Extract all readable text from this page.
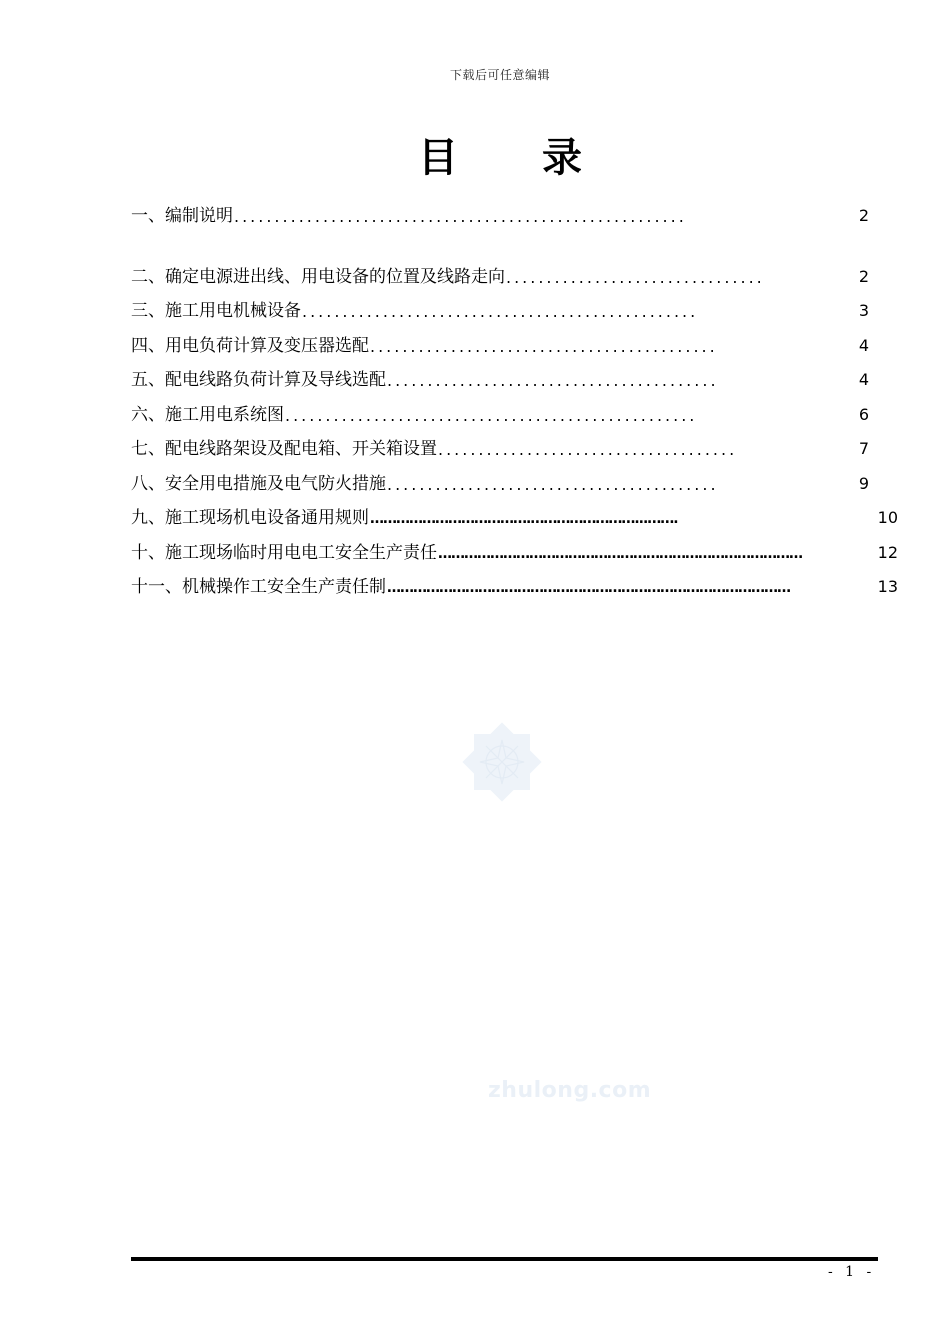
下载后可任意编辑
目录
一、编制说明 ........................................................	2
二、确定电源进出线、用电设备的位置及线路走向 ................................	2
三、施工用电机械设备 .................................................	3
四、用电负荷计算及变压器选配 ...........................................	4
五、配电线路负荷计算及导线选配 .........................................	4
六、施工用电系统图 ...................................................	6
七、配电线路架设及配电箱、开关箱设置 .....................................	7
八、安全用电措施及电气防火措施 .........................................	9
九、施工现场机电设备通用规则 ……………………………….……………………...…….	10
十、施工现场临时用电电工安全生产责任 …………………………………………………………………………	12
十一、机械操作工安全生产责任制 …………………………………………………………………………………	13
zhulong.com
- 1 -
